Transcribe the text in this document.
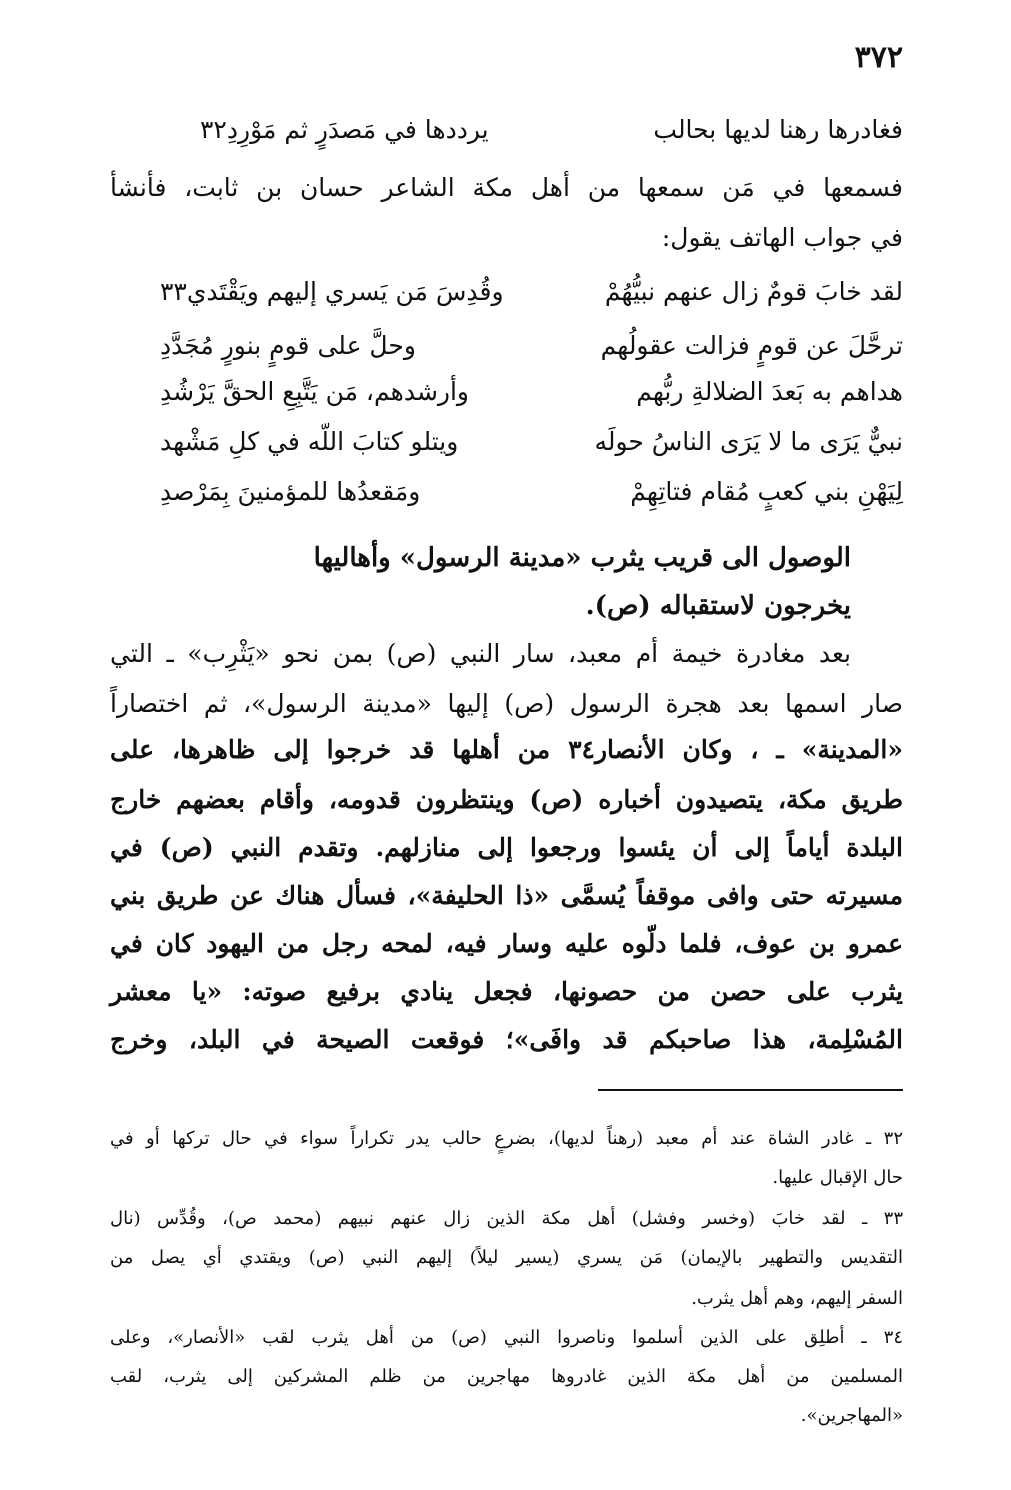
٣٧٢
فغادرها رهنا لديها بحالب
يرددها في مَصدَرٍ ثم مَوْرِدِ٣٢
فسمعها في مَن سمعها من أهل مكة الشاعر حسان بن ثابت، فأنشأ
في جواب الهاتف يقول:
لقد خابَ قومٌ زال عنهم نبيُّهُمْ
وقُدِسَ مَن يَسري إليهم ويَقْتَدي٣٣
ترحَّلَ عن قومٍ فزالت عقولُهم
وحلَّ على قومٍ بنورٍ مُجَدَّدِ
هداهم به بَعدَ الضلالةِ ربُّهم
وأرشدهم، مَن يَتَّبِعِ الحقَّ يَرْشُدِ
نبيٌّ يَرَى ما لا يَرَى الناسُ حولَه
ويتلو كتابَ اللّه في كلِ مَشْهد
لِيَهْنِ بني كعبٍ مُقام فتاتِهِمْ
ومَقعدُها للمؤمنينَ بِمَرْصدِ
الوصول الى قريب يثرب «مدينة الرسول» وأهاليها
يخرجون لاستقباله (ص).
بعد مغادرة خيمة أم معبد، سار النبي (ص) بمن نحو «يَثْرِب» ـ التي
صار اسمها بعد هجرة الرسول (ص) إليها «مدينة الرسول»، ثم اختصاراً
«المدينة» ـ ، وكان الأنصار٣٤ من أهلها قد خرجوا إلى ظاهرها، على
طريق مكة، يتصيدون أخباره (ص) وينتظرون قدومه، وأقام بعضهم خارج
البلدة أياماً إلى أن يئسوا ورجعوا إلى منازلهم. وتقدم النبي (ص) في
مسيرته حتى وافى موقفاً يُسمَّى «ذا الحليفة»، فسأل هناك عن طريق بني
عمرو بن عوف، فلما دلّوه عليه وسار فيه، لمحه رجل من اليهود كان في
يثرب على حصن من حصونها، فجعل ينادي برفيع صوته: «يا معشر
المُسْلِمة، هذا صاحبكم قد وافَى»؛ فوقعت الصيحة في البلد، وخرج
٣٢ ـ غادر الشاة عند أم معبد (رهناً لديها)، بضرعٍ حالب يدر تكراراً سواء في حال تركها أو في
حال الإقبال عليها.
٣٣ ـ لقد خابَ (وخسر وفشل) أهل مكة الذين زال عنهم نبيهم (محمد ص)، وقُدِّس (نال
التقديس والتطهير بالإيمان) مَن يسري (يسير ليلاً) إليهم النبي (ص) ويقتدي أي يصل من
السفر إليهم، وهم أهل يثرب.
٣٤ ـ أطلِق على الذين أسلموا وناصروا النبي (ص) من أهل يثرب لقب «الأنصار»، وعلى
المسلمين من أهل مكة الذين غادروها مهاجرين من ظلم المشركين إلى يثرب، لقب
«المهاجرين».
